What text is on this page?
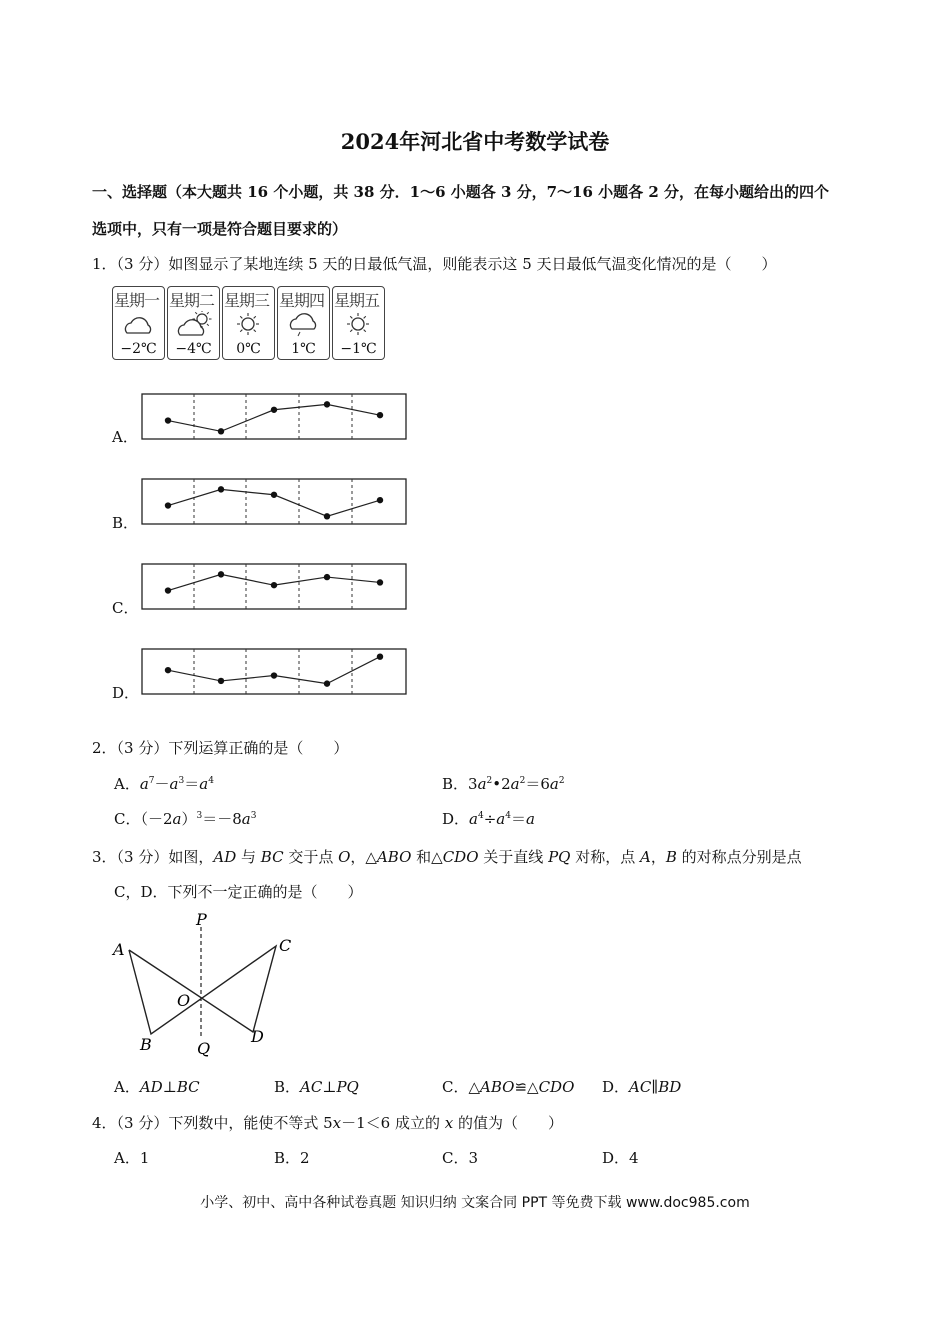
2024年河北省中考数学试卷
一、选择题（本大题共 16 个小题，共 38 分．1～6 小题各 3 分，7～16 小题各 2 分，在每小题给出的四个
选项中，只有一项是符合题目要求的）
1．（3 分）如图显示了某地连续 5 天的日最低气温，则能表示这 5 天日最低气温变化情况的是（　　）
星期一
−2℃
星期二
−4℃
星期三
0℃
星期四
1℃
星期五
−1℃
A．
B．
C．
D．
2．（3 分）下列运算正确的是（　　）
A．$a^7-a^3=a^4$	B．$3a^2•2a^2=6a^2$
C．$(-2a)^3=-8a^3$	D．$a^4\div a^4=a$
3．（3 分）如图，AD 与 BC 交于点 O，△ABO 和△CDO 关于直线 PQ 对称，点 A，B 的对称点分别是点
C，D．下列不一定正确的是（　　）
P
Q
A
B
C
D
O
A．AD⊥BC	B．AC⊥PQ	C．△ABO≌△CDO D．AC∥BD
4．（3 分）下列数中，能使不等式 5x－1＜6 成立的 x 的值为（　　）
A．1	B．2	C．3	D．4
小学、初中、高中各种试卷真题 知识归纳 文案合同 PPT 等免费下载 www.doc985.com
